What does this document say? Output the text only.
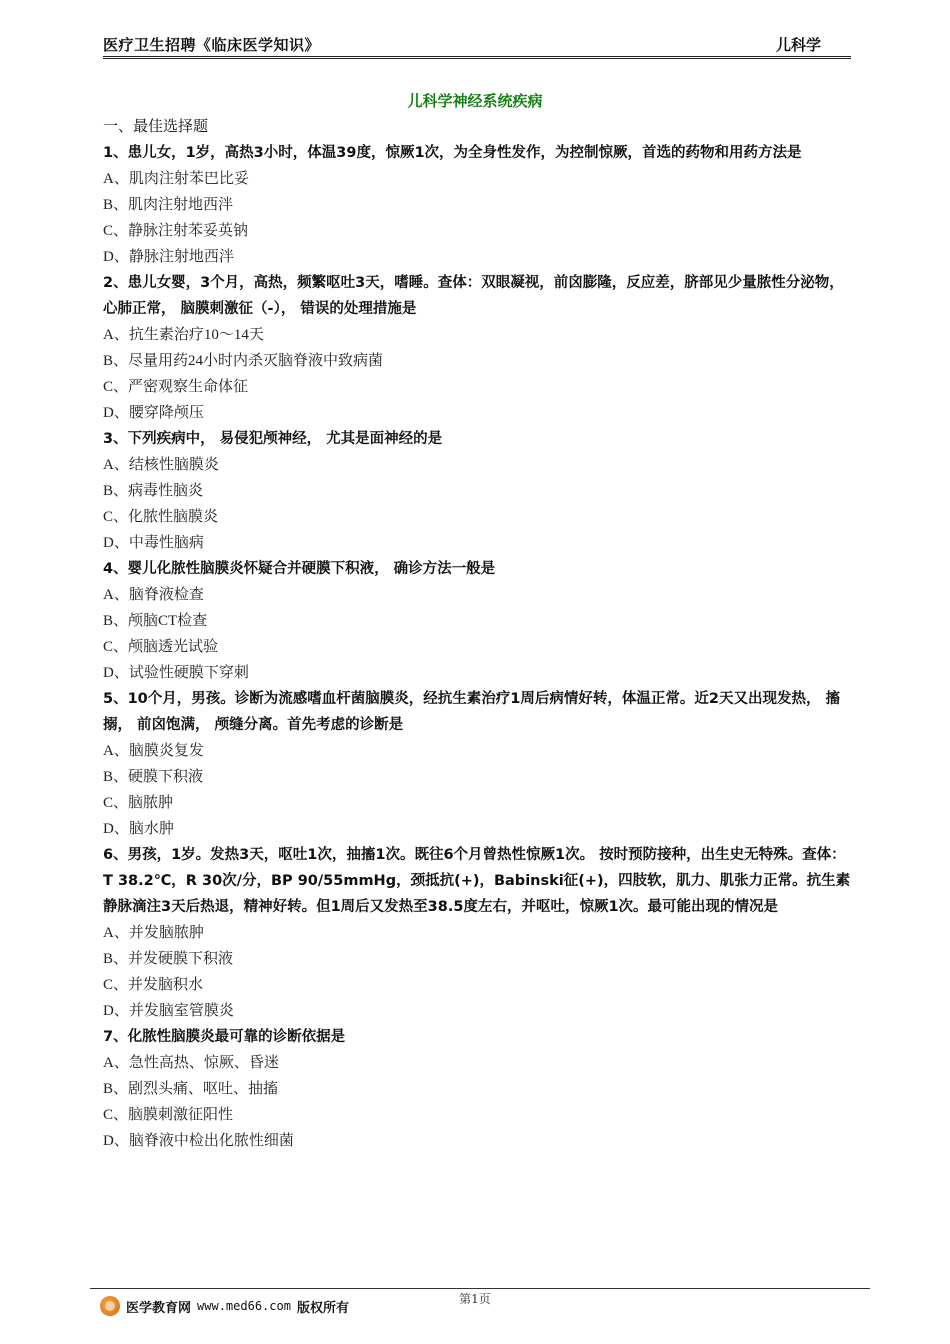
医疗卫生招聘《临床医学知识》	儿科学
儿科学神经系统疾病
一、最佳选择题
1、患儿女，1岁，高热3小时，体温39度，惊厥1次，为全身性发作，为控制惊厥，首选的药物和用药方法是
A、肌肉注射苯巴比妥
B、肌肉注射地西泮
C、静脉注射苯妥英钠
D、静脉注射地西泮
2、患儿女婴，3个月，高热，频繁呕吐3天，嗜睡。查体：双眼凝视，前囟膨隆，反应差，脐部见少量脓性分泌物， 心肺正常， 脑膜刺激征（-）， 错误的处理措施是
A、抗生素治疗10～14天
B、尽量用药24小时内杀灭脑脊液中致病菌
C、严密观察生命体征
D、腰穿降颅压
3、下列疾病中， 易侵犯颅神经， 尤其是面神经的是
A、结核性脑膜炎
B、病毒性脑炎
C、化脓性脑膜炎
D、中毒性脑病
4、婴儿化脓性脑膜炎怀疑合并硬膜下积液， 确诊方法一般是
A、脑脊液检查
B、颅脑CT检查
C、颅脑透光试验
D、试验性硬膜下穿刺
5、10个月，男孩。诊断为流感嗜血杆菌脑膜炎，经抗生素治疗1周后病情好转，体温正常。近2天又出现发热， 搐搦， 前囟饱满， 颅缝分离。首先考虑的诊断是
A、脑膜炎复发
B、硬膜下积液
C、脑脓肿
D、脑水肿
6、男孩，1岁。发热3天，呕吐1次，抽搐1次。既往6个月曾热性惊厥1次。 按时预防接种，出生史无特殊。查体：T 38.2℃，R 30次/分，BP 90/55mmHg，颈抵抗(+)，Babinski征(+)，四肢软，肌力、肌张力正常。抗生素静脉滴注3天后热退，精神好转。但1周后又发热至38.5度左右，并呕吐，惊厥1次。最可能出现的情况是
A、并发脑脓肿
B、并发硬膜下积液
C、并发脑积水
D、并发脑室管膜炎
7、化脓性脑膜炎最可靠的诊断依据是
A、急性高热、惊厥、昏迷
B、剧烈头痛、呕吐、抽搐
C、脑膜刺激征阳性
D、脑脊液中检出化脓性细菌
第1页
医学教育网 www.med66.com 版权所有
